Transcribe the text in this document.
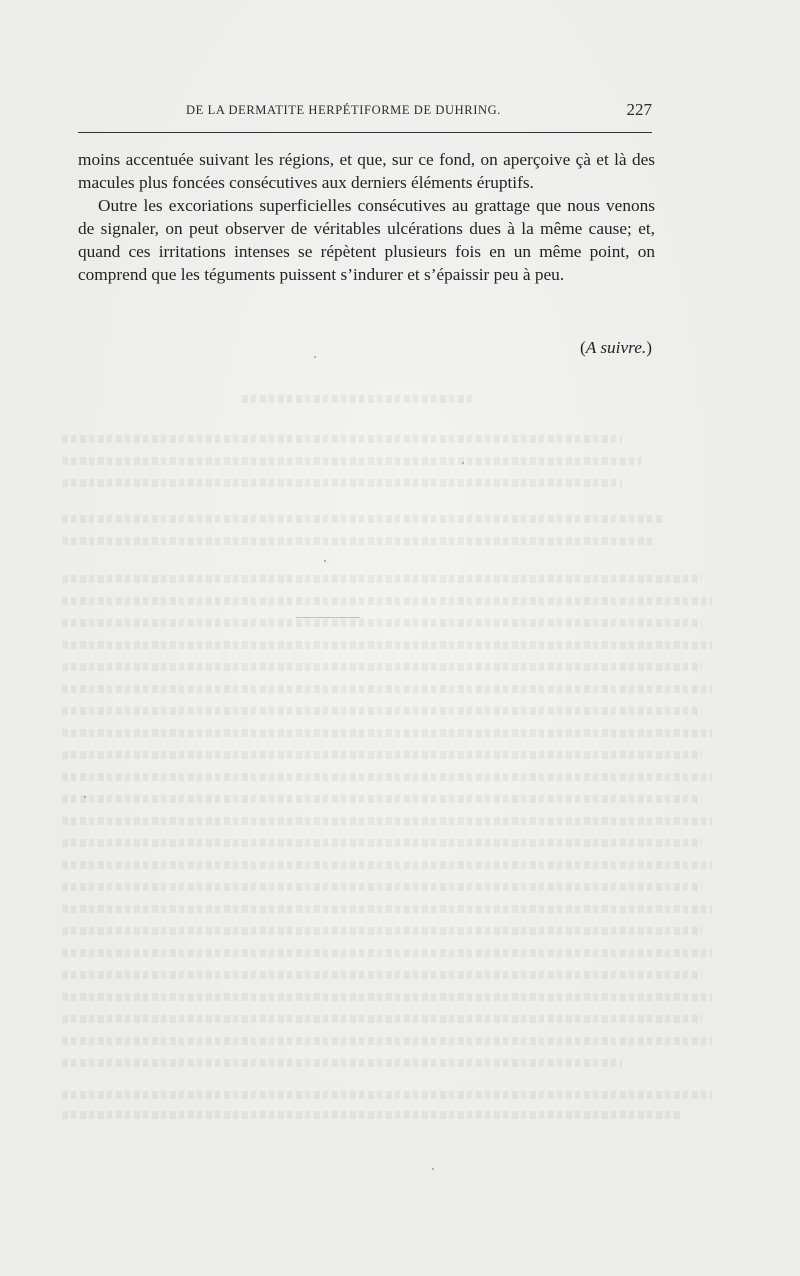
DE LA DERMATITE HERPÉTIFORME DE DUHRING.	227

moins accentuée suivant les régions, et que, sur ce fond, on aperçoive çà et là des macules plus foncées consécutives aux derniers éléments éruptifs.

Outre les excoriations superficielles consécutives au grattage que nous venons de signaler, on peut observer de véritables ulcérations dues à la même cause; et, quand ces irritations intenses se répètent plusieurs fois en un même point, on comprend que les téguments puissent s’indurer et s’épaissir peu à peu.

(A suivre.)
